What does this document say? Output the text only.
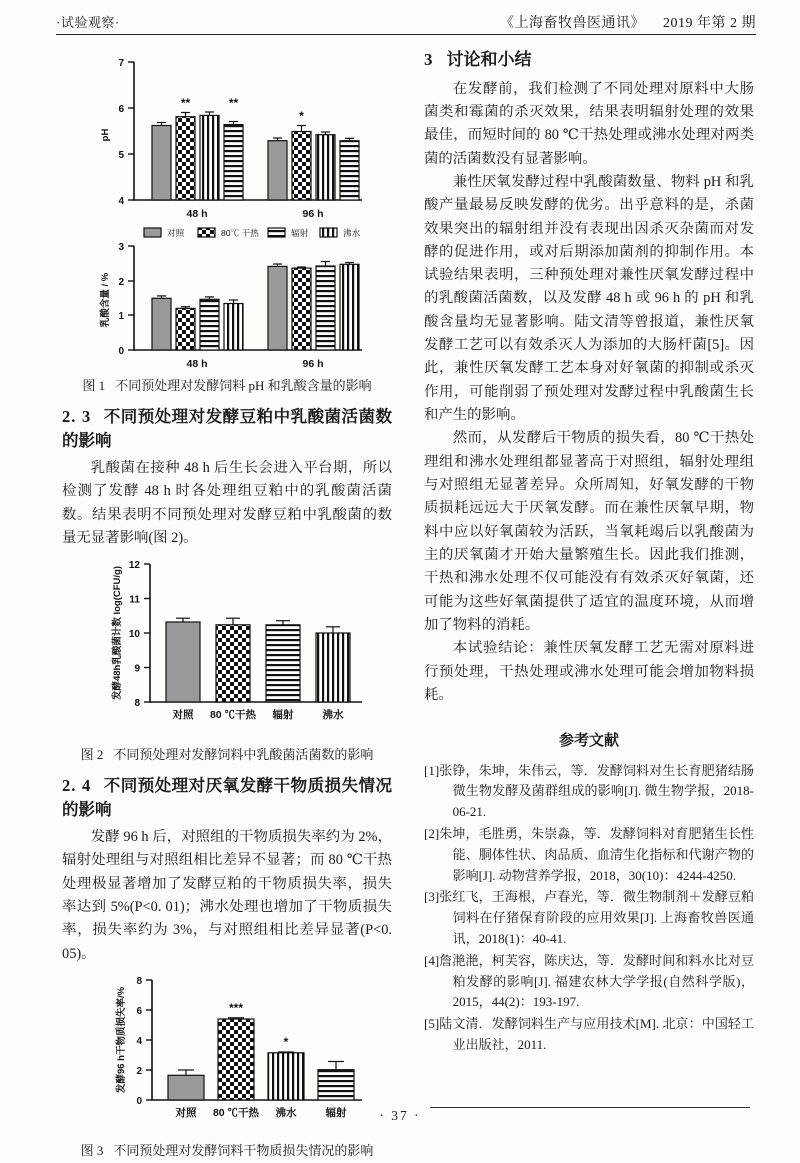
·试验观察·	《上海畜牧兽医通讯》 2019 年第 2 期
4
5
6
7
pH
**	**
48 h
*
96 h
对照	80℃ 干热	辐射	沸水
0
1
2
3
乳酸含量 / %
48 h	96 h

图 1 不同预处理对发酵饲料 pH 和乳酸含量的影响

2. 3 不同预处理对发酵豆粕中乳酸菌活菌数的影响

乳酸菌在接种 48 h 后生长会进入平台期，所以检测了发酵 48 h 时各处理组豆粕中的乳酸菌活菌数。结果表明不同预处理对发酵豆粕中乳酸菌的数量无显著影响(图 2)。

8
9
10
11
12
发酵48h乳酸菌计数 log(CFU/g)
对照 80 ℃干热 辐射	沸水

图 2 不同预处理对发酵饲料中乳酸菌活菌数的影响

2. 4 不同预处理对厌氧发酵干物质损失情况的影响

发酵 96 h 后，对照组的干物质损失率约为 2%，辐射处理组与对照组相比差异不显著；而 80 ℃干热处理极显著增加了发酵豆粕的干物质损失率，损失率达到 5%(P<0. 01)；沸水处理也增加了干物质损失率，损失率约为 3%，与对照组相比差异显著(P<0. 05)。

0
2
4
6
8
发酵96 h干物质损失率/%	***
*
对照 80 ℃干热 沸水	辐射

图 3 不同预处理对发酵饲料干物质损失情况的影响

3 讨论和小结

在发酵前，我们检测了不同处理对原料中大肠菌类和霉菌的杀灭效果，结果表明辐射处理的效果最佳，而短时间的 80 ℃干热处理或沸水处理对两类菌的活菌数没有显著影响。

兼性厌氧发酵过程中乳酸菌数量、物料 pH 和乳酸产量最易反映发酵的优劣。出乎意料的是，杀菌效果突出的辐射组并没有表现出因杀灭杂菌而对发酵的促进作用，或对后期添加菌剂的抑制作用。本试验结果表明，三种预处理对兼性厌氧发酵过程中的乳酸菌活菌数，以及发酵 48 h 或 96 h 的 pH 和乳酸含量均无显著影响。陆文清等曾报道，兼性厌氧发酵工艺可以有效杀灭人为添加的大肠杆菌[5]。因此，兼性厌氧发酵工艺本身对好氧菌的抑制或杀灭作用，可能削弱了预处理对发酵过程中乳酸菌生长和产生的影响。

然而，从发酵后干物质的损失看，80 ℃干热处理组和沸水处理组都显著高于对照组，辐射处理组与对照组无显著差异。众所周知，好氧发酵的干物质损耗远远大于厌氧发酵。而在兼性厌氧早期，物料中应以好氧菌较为活跃，当氧耗竭后以乳酸菌为主的厌氧菌才开始大量繁殖生长。因此我们推测，干热和沸水处理不仅可能没有有效杀灭好氧菌，还可能为这些好氧菌提供了适宜的温度环境，从而增加了物料的消耗。

本试验结论：兼性厌氧发酵工艺无需对原料进行预处理，干热处理或沸水处理可能会增加物料损耗。

参考文献

[1]张铮，朱坤，朱伟云，等．发酵饲料对生长育肥猪结肠微生物发酵及菌群组成的影响[J]. 微生物学报，2018-06-21.

[2]朱坤，毛胜勇，朱崇淼，等．发酵饲料对育肥猪生长性能、胴体性状、肉品质、血清生化指标和代谢产物的影响[J]. 动物营养学报，2018，30(10)：4244-4250.

[3]张红飞，王海根，卢春光，等．微生物制剂＋发酵豆粕饲料在仔猪保育阶段的应用效果[J]. 上海畜牧兽医通讯，2018(1)：40-41.

[4]詹滟滟，柯芙容，陈庆达，等．发酵时间和料水比对豆粕发酵的影响[J]. 福建农林大学学报(自然科学版)，2015，44(2)：193-197.

[5]陆文清．发酵饲料生产与应用技术[M]. 北京：中国轻工业出版社，2011.

· 37 ·
